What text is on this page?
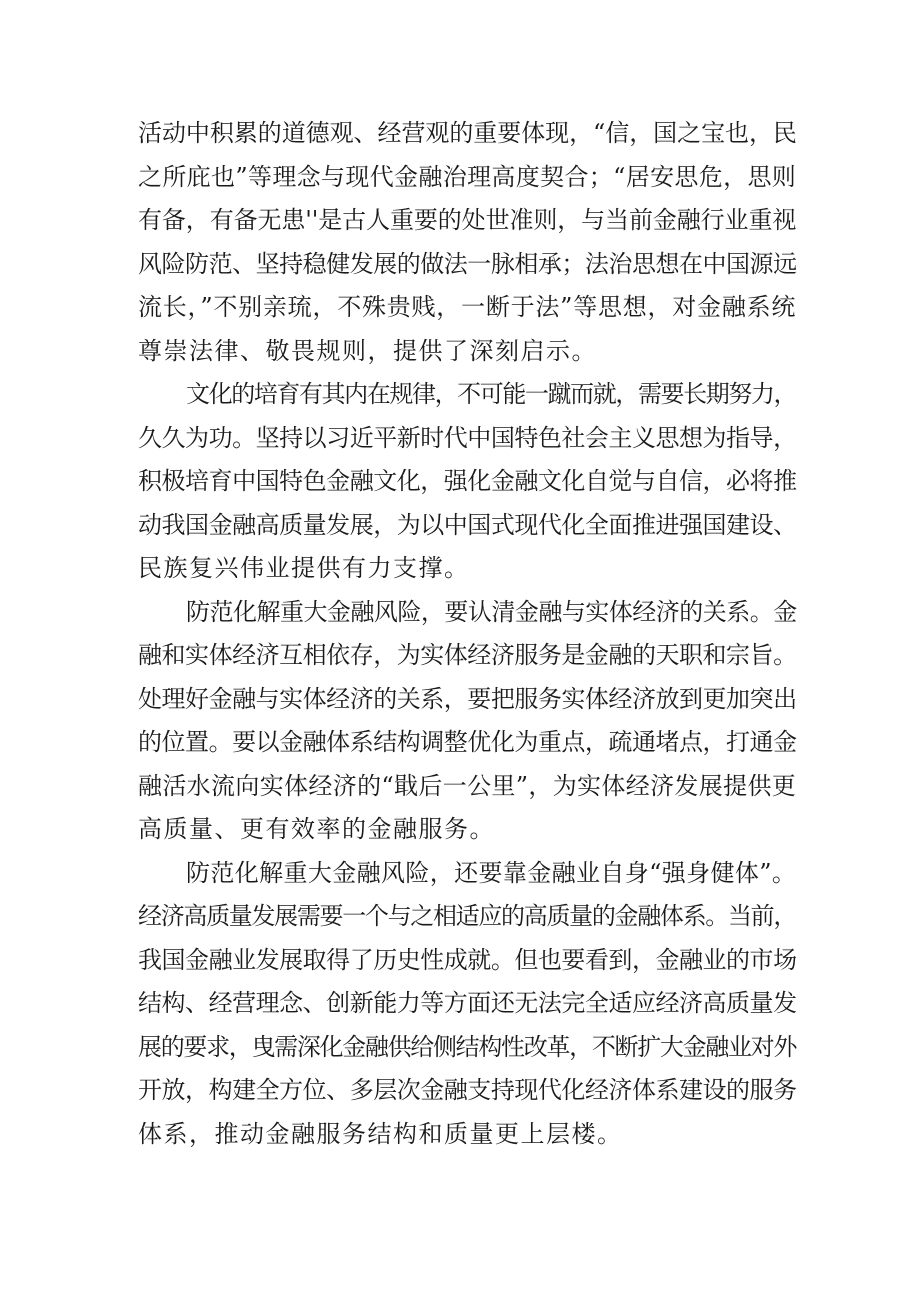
活动中积累的道德观、经营观的重要体现，“信，国之宝也，民
之所庇也”等理念与现代金融治理高度契合；“居安思危，思则
有备，有备无患''是古人重要的处世准则，与当前金融行业重视
风险防范、坚持稳健发展的做法一脉相承；法治思想在中国源远
流长，”不别亲琉，不殊贵贱，一断于法”等思想，对金融系统
尊崇法律、敬畏规则，提供了深刻启示。
文化的培育有其内在规律，不可能一蹴而就，需要长期努力，
久久为功。坚持以习近平新时代中国特色社会主义思想为指导，
积极培育中国特色金融文化，强化金融文化自觉与自信，必将推
动我国金融高质量发展，为以中国式现代化全面推进强国建设、
民族复兴伟业提供有力支撑。
防范化解重大金融风险，要认清金融与实体经济的关系。金
融和实体经济互相依存，为实体经济服务是金融的天职和宗旨。
处理好金融与实体经济的关系，要把服务实体经济放到更加突出
的位置。要以金融体系结构调整优化为重点，疏通堵点，打通金
融活水流向实体经济的“戢后一公里”，为实体经济发展提供更
高质量、更有效率的金融服务。
防范化解重大金融风险，还要靠金融业自身“强身健体”。
经济高质量发展需要一个与之相适应的高质量的金融体系。当前，
我国金融业发展取得了历史性成就。但也要看到，金融业的市场
结构、经营理念、创新能力等方面还无法完全适应经济高质量发
展的要求，曳需深化金融供给侧结构性改革，不断扩大金融业对外
开放，构建全方位、多层次金融支持现代化经济体系建设的服务
体系，推动金融服务结构和质量更上层楼。
